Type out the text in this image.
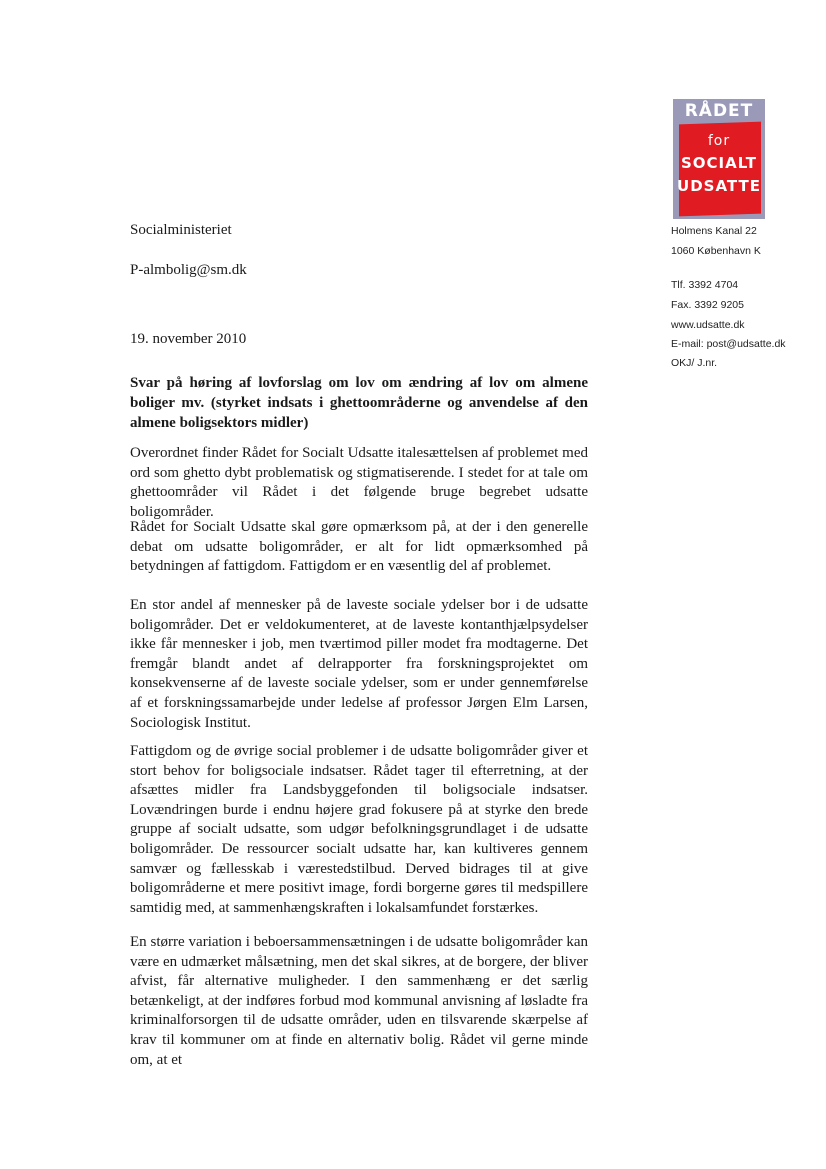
RÅDET
for
SOCIALT
UDSATTE
Holmens Kanal 22
1060 København K
Tlf. 3392 4704
Fax. 3392 9205
www.udsatte.dk
E-mail: post@udsatte.dk
OKJ/ J.nr.
Socialministeriet
P-almbolig@sm.dk
19. november 2010
Svar på høring af lovforslag om lov om ændring af lov om almene boliger mv. (styrket indsats i ghettoområderne og anvendelse af den almene boligsektors midler)

Overordnet finder Rådet for Socialt Udsatte italesættelsen af problemet med ord som ghetto dybt problematisk og stigmatiserende. I stedet for at tale om ghettoområder vil Rådet i det følgende bruge begrebet udsatte boligområder.

Rådet for Socialt Udsatte skal gøre opmærksom på, at der i den generelle debat om udsatte boligområder, er alt for lidt opmærksomhed på betydningen af fattigdom. Fattigdom er en væsentlig del af problemet.

En stor andel af mennesker på de laveste sociale ydelser bor i de udsatte boligområder. Det er veldokumenteret, at de laveste kontanthjælpsydelser ikke får mennesker i job, men tværtimod piller modet fra modtagerne. Det fremgår blandt andet af delrapporter fra forskningsprojektet om konsekvenserne af de laveste sociale ydelser, som er under gennemførelse af et forskningssamarbejde under ledelse af professor Jørgen Elm Larsen, Sociologisk Institut.

Fattigdom og de øvrige social problemer i de udsatte boligområder giver et stort behov for boligsociale indsatser. Rådet tager til efterretning, at der afsættes midler fra Landsbyggefonden til boligsociale indsatser. Lovændringen burde i endnu højere grad fokusere på at styrke den brede gruppe af socialt udsatte, som udgør befolkningsgrundlaget i de udsatte boligområder. De ressourcer socialt udsatte har, kan kultiveres gennem samvær og fællesskab i værestedstilbud. Derved bidrages til at give boligområderne et mere positivt image, fordi borgerne gøres til medspillere samtidig med, at sammenhængskraften i lokalsamfundet forstærkes.

En større variation i beboersammensætningen i de udsatte boligområder kan være en udmærket målsætning, men det skal sikres, at de borgere, der bliver afvist, får alternative muligheder. I den sammenhæng er det særlig betænkeligt, at der indføres forbud mod kommunal anvisning af løsladte fra kriminalforsorgen til de udsatte områder, uden en tilsvarende skærpelse af krav til kommuner om at finde en alternativ bolig. Rådet vil gerne minde om, at et
